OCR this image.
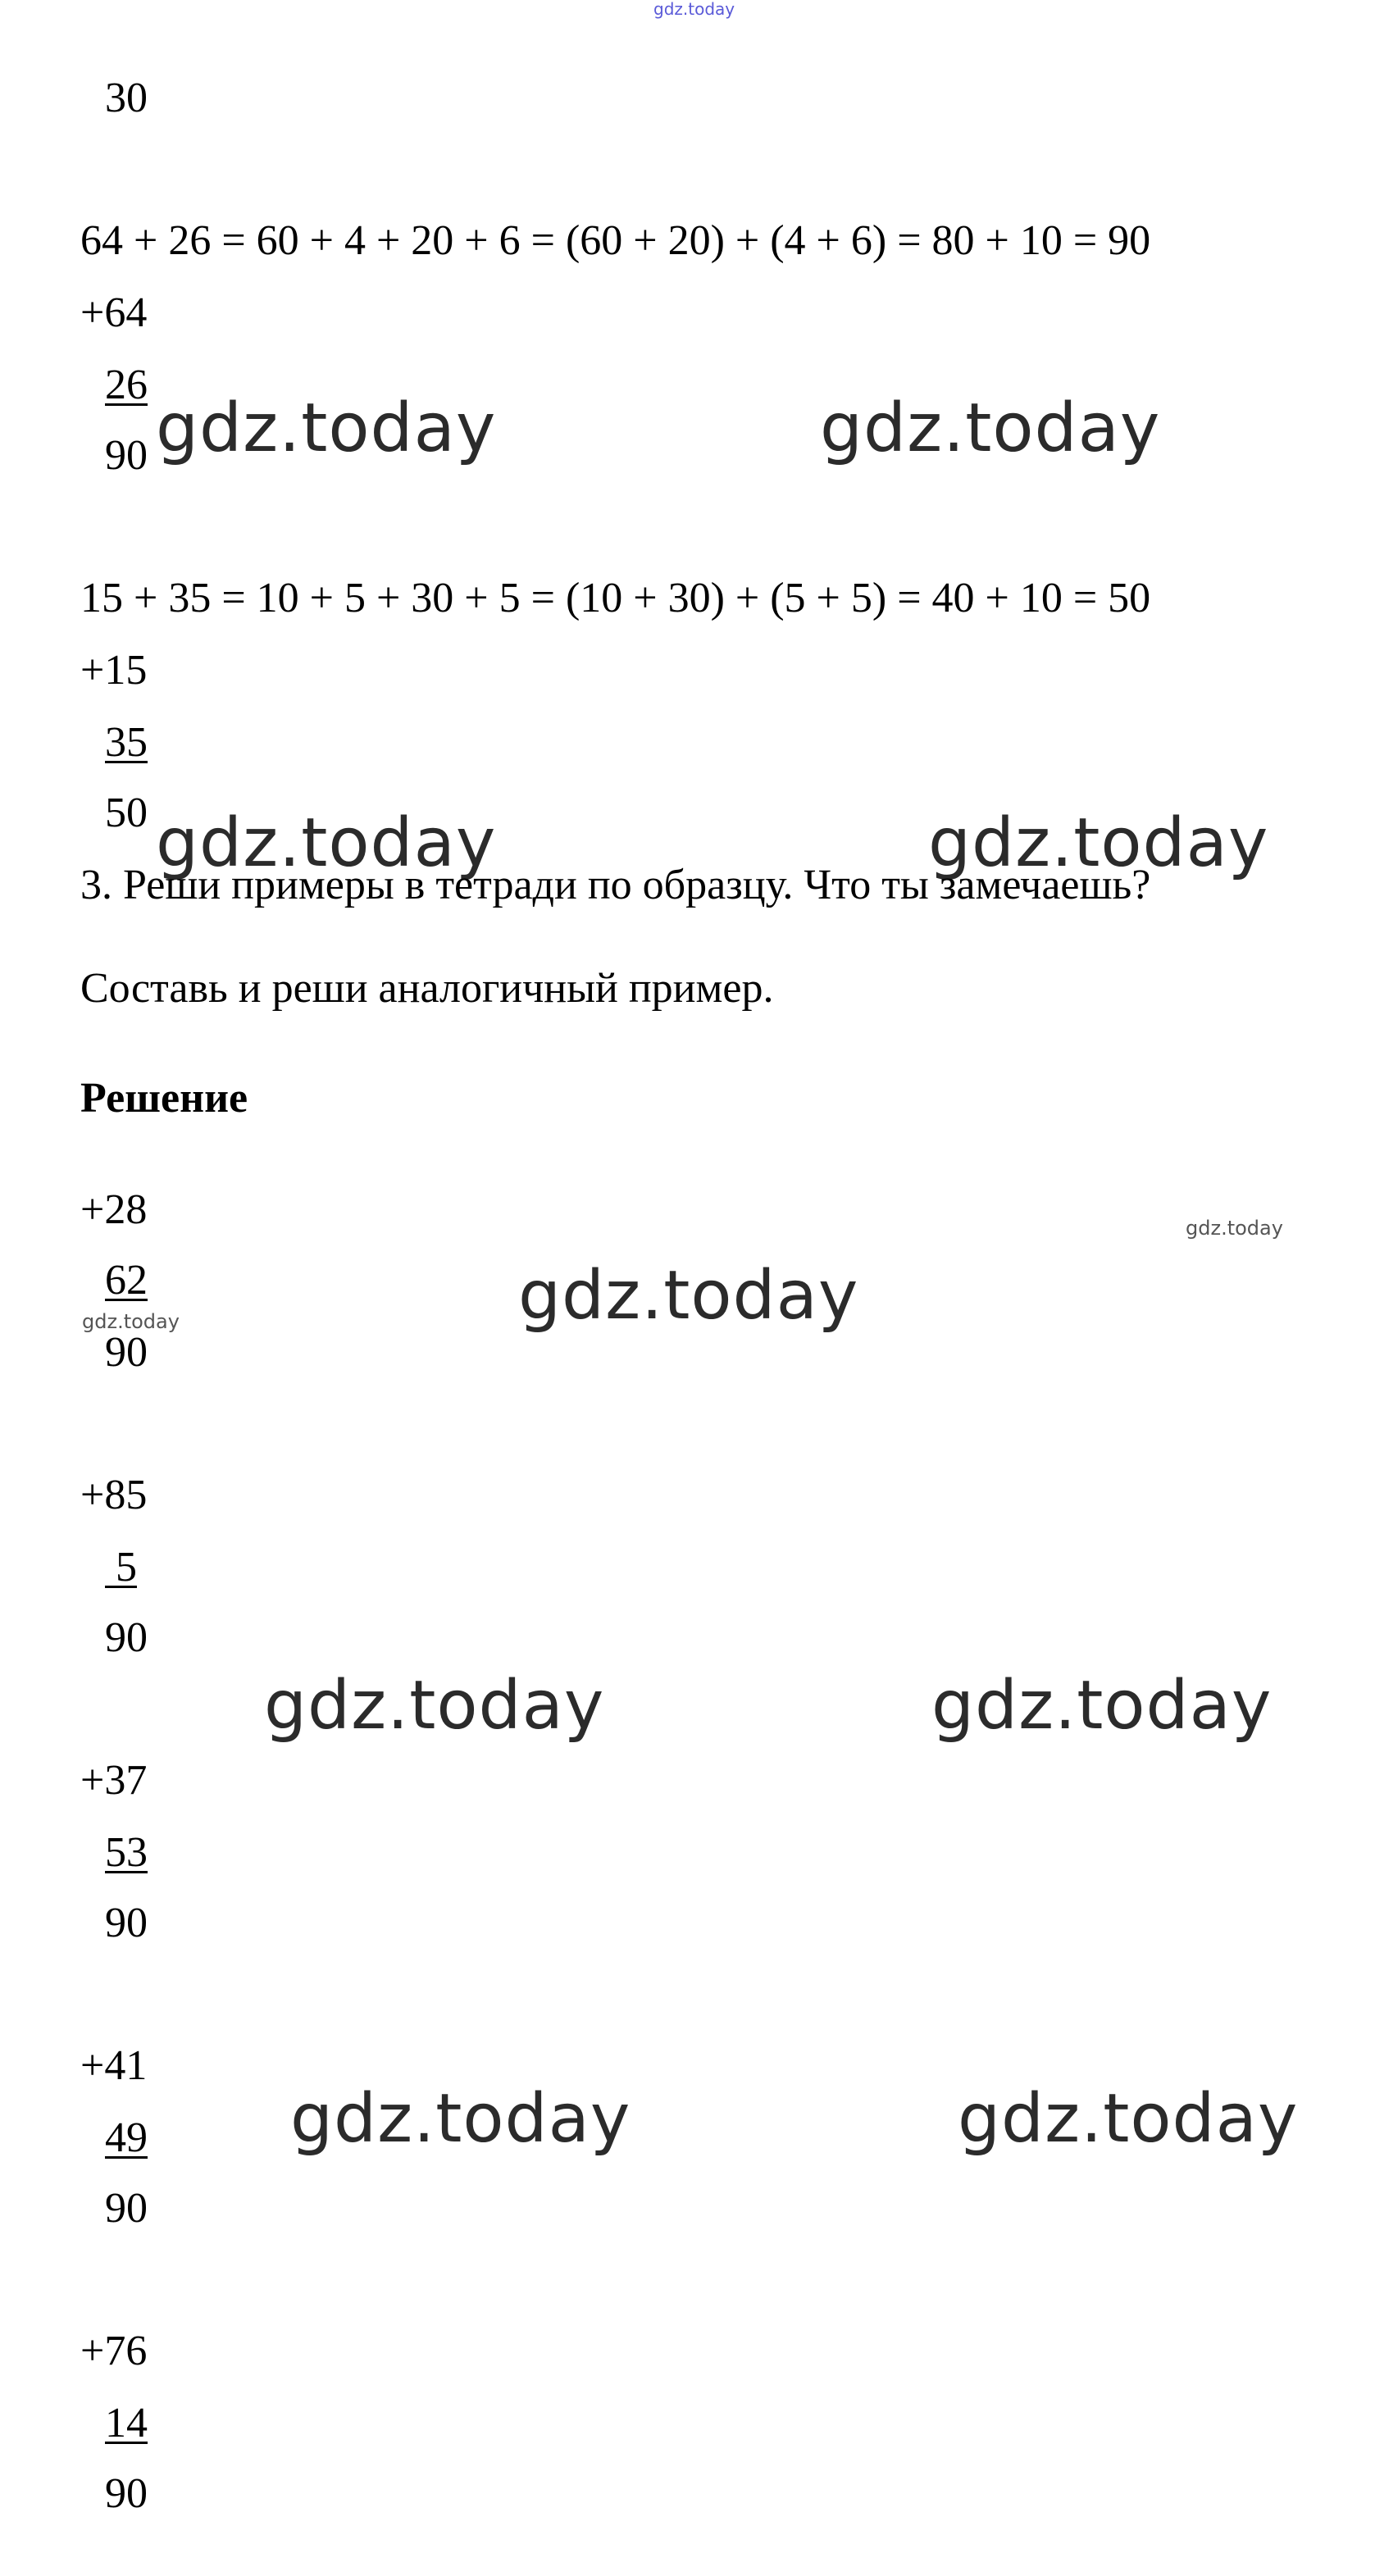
gdz.today
30
64 + 26 = 60 + 4 + 20 + 6 = (60 + 20) + (4 + 6) = 80 + 10 = 90
+64
26
90 gdz.today	gdz.today
15 + 35 = 10 + 5 + 30 + 5 = (10 + 30) + (5 + 5) = 40 + 10 = 50
+15
35
50 gdz.today	gdz.today
3. Реши примеры в тетради по образцу. Что ты замечаешь?
Составь и реши аналогичный пример.
Решение
+28
62
90
gdz.today
gdz.today
gdz.today
+85
5
90
gdz.today	gdz.today
+37
53
90
+41
49
90
gdz.today	gdz.today
+76
14
90
